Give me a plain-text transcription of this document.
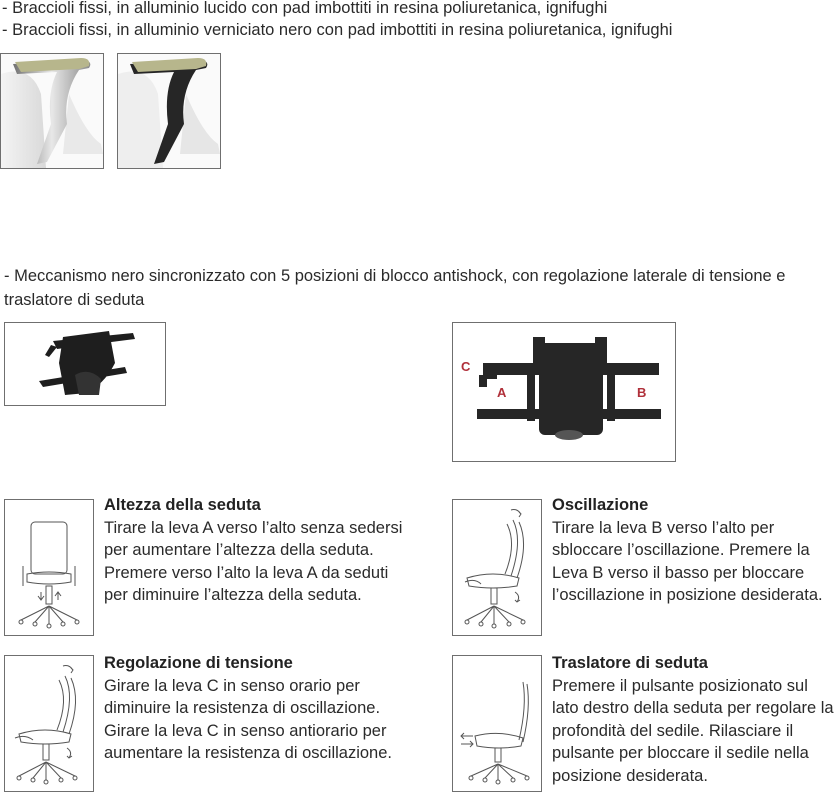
- Braccioli fissi, in alluminio lucido con pad imbottiti in resina poliuretanica, ignifughi
- Braccioli fissi, in alluminio verniciato nero con pad imbottiti in resina poliuretanica, ignifughi
- Meccanismo nero sincronizzato con 5 posizioni di blocco antishock, con regolazione laterale di tensione e traslatore di seduta
C
A	B
Altezza della seduta

Tirare la leva A verso l’alto senza sedersi per aumentare l’altezza della seduta. Premere verso l’alto la leva A da seduti per diminuire l’altezza della seduta.

Oscillazione

Tirare la leva B verso l’alto per sbloccare l’oscillazione. Premere la Leva B verso il basso per bloccare l’oscillazione in posizione desiderata.

Regolazione di tensione

Girare la leva C in senso orario per diminuire la resistenza di oscillazione. Girare la leva C in senso antiorario per aumentare la resistenza di oscillazione.

Traslatore di seduta

Premere il pulsante posizionato sul lato destro della seduta per regolare la profondità del sedile. Rilasciare il pulsante per bloccare il sedile nella posizione desiderata.
